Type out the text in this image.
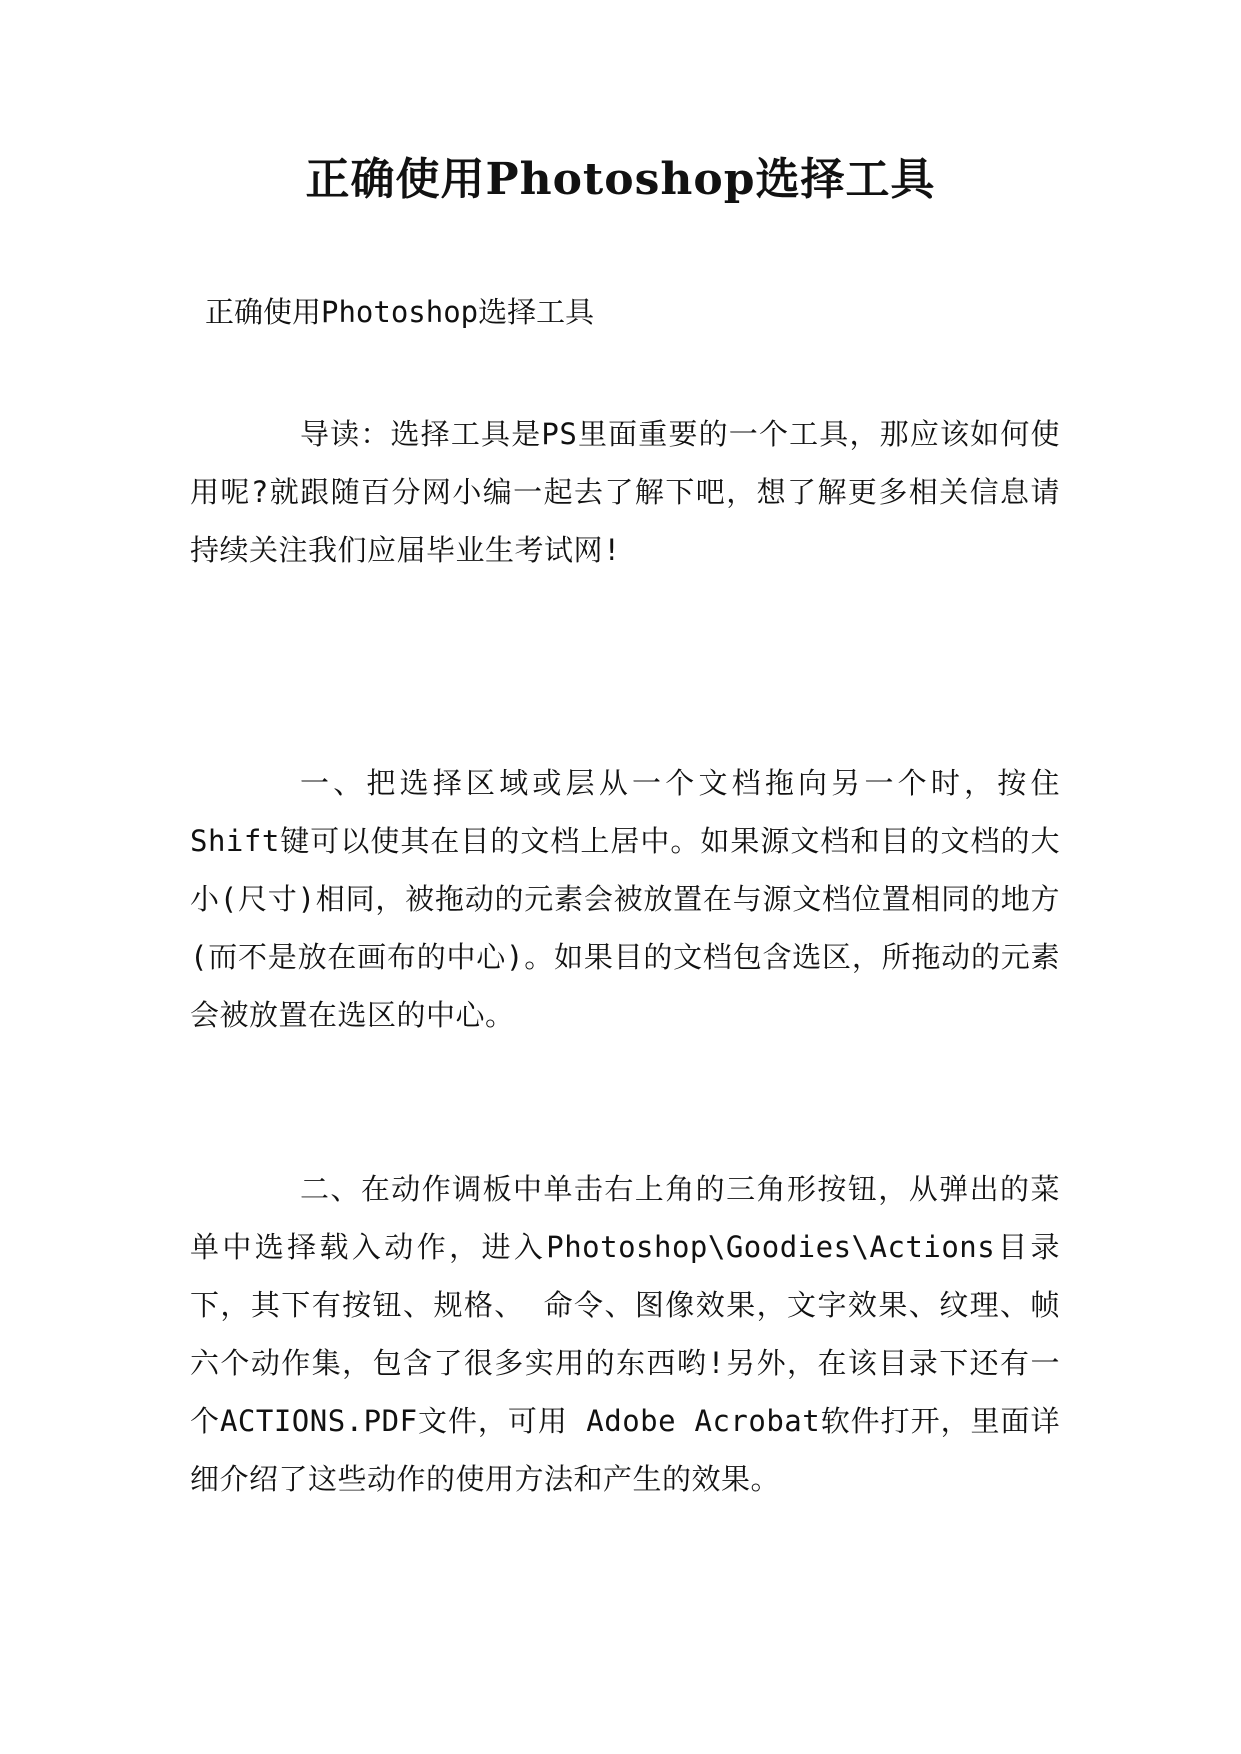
正确使用Photoshop选择工具
正确使用Photoshop选择工具

导读：选择工具是PS里面重要的一个工具，那应该如何使用呢?就跟随百分网小编一起去了解下吧，想了解更多相关信息请持续关注我们应届毕业生考试网!

一、把选择区域或层从一个文档拖向另一个时，按住Shift键可以使其在目的文档上居中。如果源文档和目的文档的大小(尺寸)相同，被拖动的元素会被放置在与源文档位置相同的地方(而不是放在画布的中心)。如果目的文档包含选区，所拖动的元素会被放置在选区的中心。

二、在动作调板中单击右上角的三角形按钮，从弹出的菜单中选择载入动作，进入Photoshop\Goodies\Actions目录下，其下有按钮、规格、 命令、图像效果，文字效果、纹理、帧六个动作集，包含了很多实用的东西哟!另外，在该目录下还有一个ACTIONS.PDF文件，可用 Adobe Acrobat软件打开，里面详细介绍了这些动作的使用方法和产生的效果。
